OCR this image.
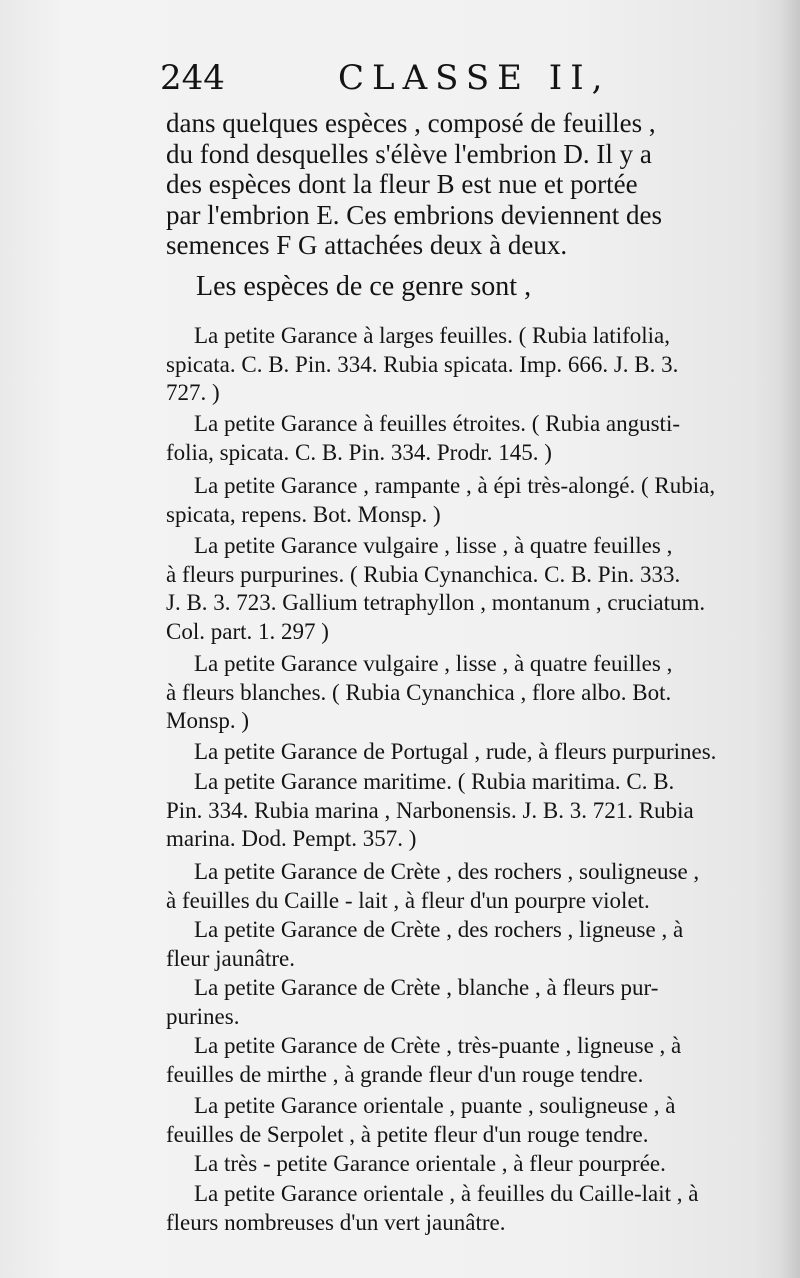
244	CLASSE II,
dans quelques espèces , composé de feuilles ,
du fond desquelles s'élève l'embrion D. Il y a
des espèces dont la fleur B est nue et portée
par l'embrion E. Ces embrions deviennent des
semences F G attachées deux à deux.
Les espèces de ce genre sont ,
La petite Garance à larges feuilles. ( Rubia latifolia,
spicata. C. B. Pin. 334. Rubia spicata. Imp. 666. J. B. 3.
727. )
La petite Garance à feuilles étroites. ( Rubia angusti-
folia, spicata. C. B. Pin. 334. Prodr. 145. )
La petite Garance , rampante , à épi très-alongé. ( Rubia,
spicata, repens. Bot. Monsp. )
La petite Garance vulgaire , lisse , à quatre feuilles ,
à fleurs purpurines. ( Rubia Cynanchica. C. B. Pin. 333.
J. B. 3. 723. Gallium tetraphyllon , montanum , cruciatum.
Col. part. 1. 297 )
La petite Garance vulgaire , lisse , à quatre feuilles ,
à fleurs blanches. ( Rubia Cynanchica , flore albo. Bot.
Monsp. )
La petite Garance de Portugal , rude, à fleurs purpurines.
La petite Garance maritime. ( Rubia maritima. C. B.
Pin. 334. Rubia marina , Narbonensis. J. B. 3. 721. Rubia
marina. Dod. Pempt. 357. )
La petite Garance de Crète , des rochers , souligneuse ,
à feuilles du Caille - lait , à fleur d'un pourpre violet.
La petite Garance de Crète , des rochers , ligneuse , à
fleur jaunâtre.
La petite Garance de Crète , blanche , à fleurs pur-
purines.
La petite Garance de Crète , très-puante , ligneuse , à
feuilles de mirthe , à grande fleur d'un rouge tendre.
La petite Garance orientale , puante , souligneuse , à
feuilles de Serpolet , à petite fleur d'un rouge tendre.
La très - petite Garance orientale , à fleur pourprée.
La petite Garance orientale , à feuilles du Caille-lait , à
fleurs nombreuses d'un vert jaunâtre.
